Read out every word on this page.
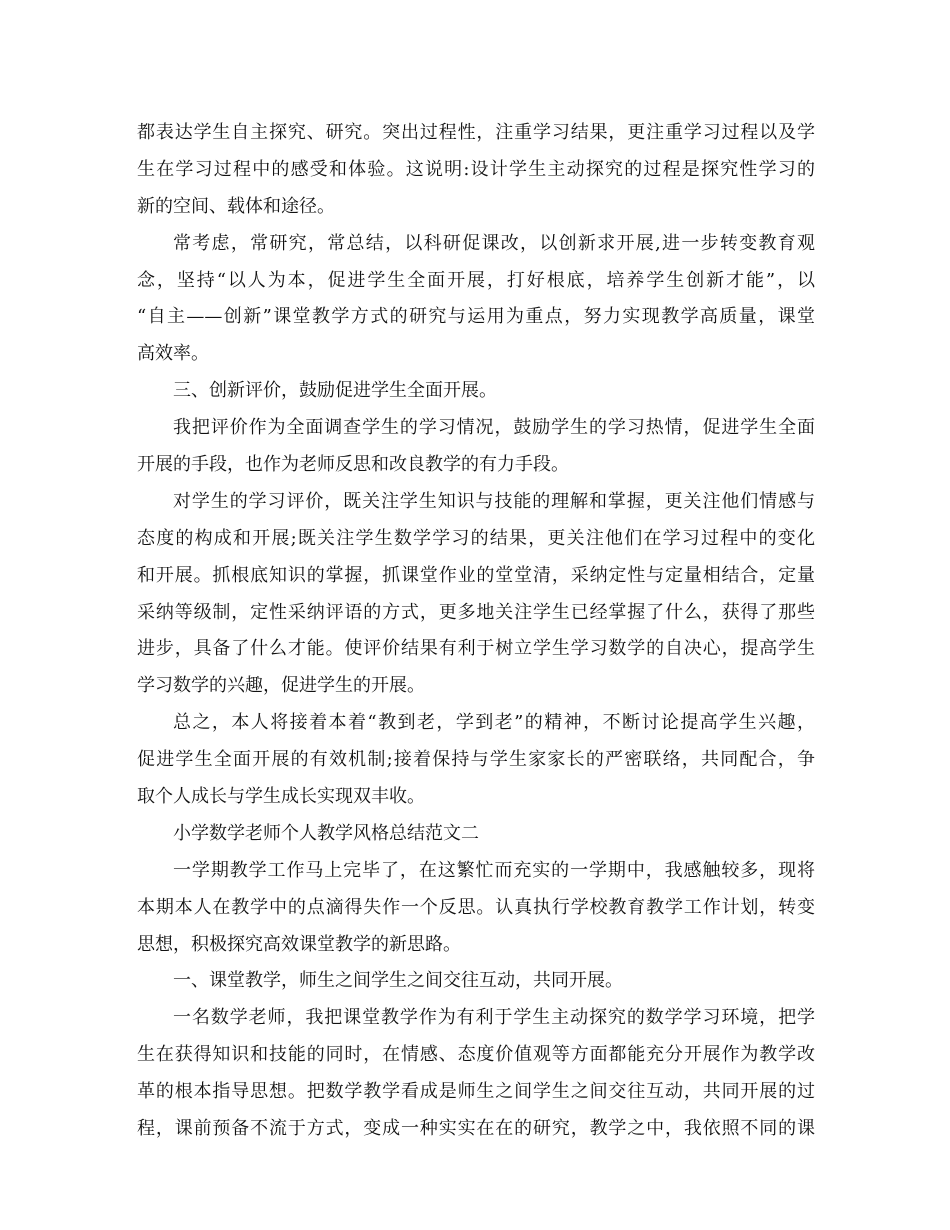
都表达学生自主探究、研究。突出过程性，注重学习结果，更注重学习过程以及学
生在学习过程中的感受和体验。这说明:设计学生主动探究的过程是探究性学习的
新的空间、载体和途径。
常考虑，常研究，常总结，以科研促课改，以创新求开展,进一步转变教育观
念，坚持“以人为本，促进学生全面开展，打好根底，培养学生创新才能”，以
“自主——创新”课堂教学方式的研究与运用为重点，努力实现教学高质量，课堂
高效率。
三、创新评价，鼓励促进学生全面开展。
我把评价作为全面调查学生的学习情况，鼓励学生的学习热情，促进学生全面
开展的手段，也作为老师反思和改良教学的有力手段。
对学生的学习评价，既关注学生知识与技能的理解和掌握，更关注他们情感与
态度的构成和开展;既关注学生数学学习的结果，更关注他们在学习过程中的变化
和开展。抓根底知识的掌握，抓课堂作业的堂堂清，采纳定性与定量相结合，定量
采纳等级制，定性采纳评语的方式，更多地关注学生已经掌握了什么，获得了那些
进步，具备了什么才能。使评价结果有利于树立学生学习数学的自决心，提高学生
学习数学的兴趣，促进学生的开展。
总之，本人将接着本着“教到老，学到老”的精神，不断讨论提高学生兴趣，
促进学生全面开展的有效机制;接着保持与学生家家长的严密联络，共同配合，争
取个人成长与学生成长实现双丰收。
小学数学老师个人教学风格总结范文二
一学期教学工作马上完毕了，在这繁忙而充实的一学期中，我感触较多，现将
本期本人在教学中的点滴得失作一个反思。认真执行学校教育教学工作计划，转变
思想，积极探究高效课堂教学的新思路。
一、课堂教学，师生之间学生之间交往互动，共同开展。
一名数学老师，我把课堂教学作为有利于学生主动探究的数学学习环境，把学
生在获得知识和技能的同时，在情感、态度价值观等方面都能充分开展作为教学改
革的根本指导思想。把数学教学看成是师生之间学生之间交往互动，共同开展的过
程，课前预备不流于方式，变成一种实实在在的研究，教学之中，我依照不同的课
